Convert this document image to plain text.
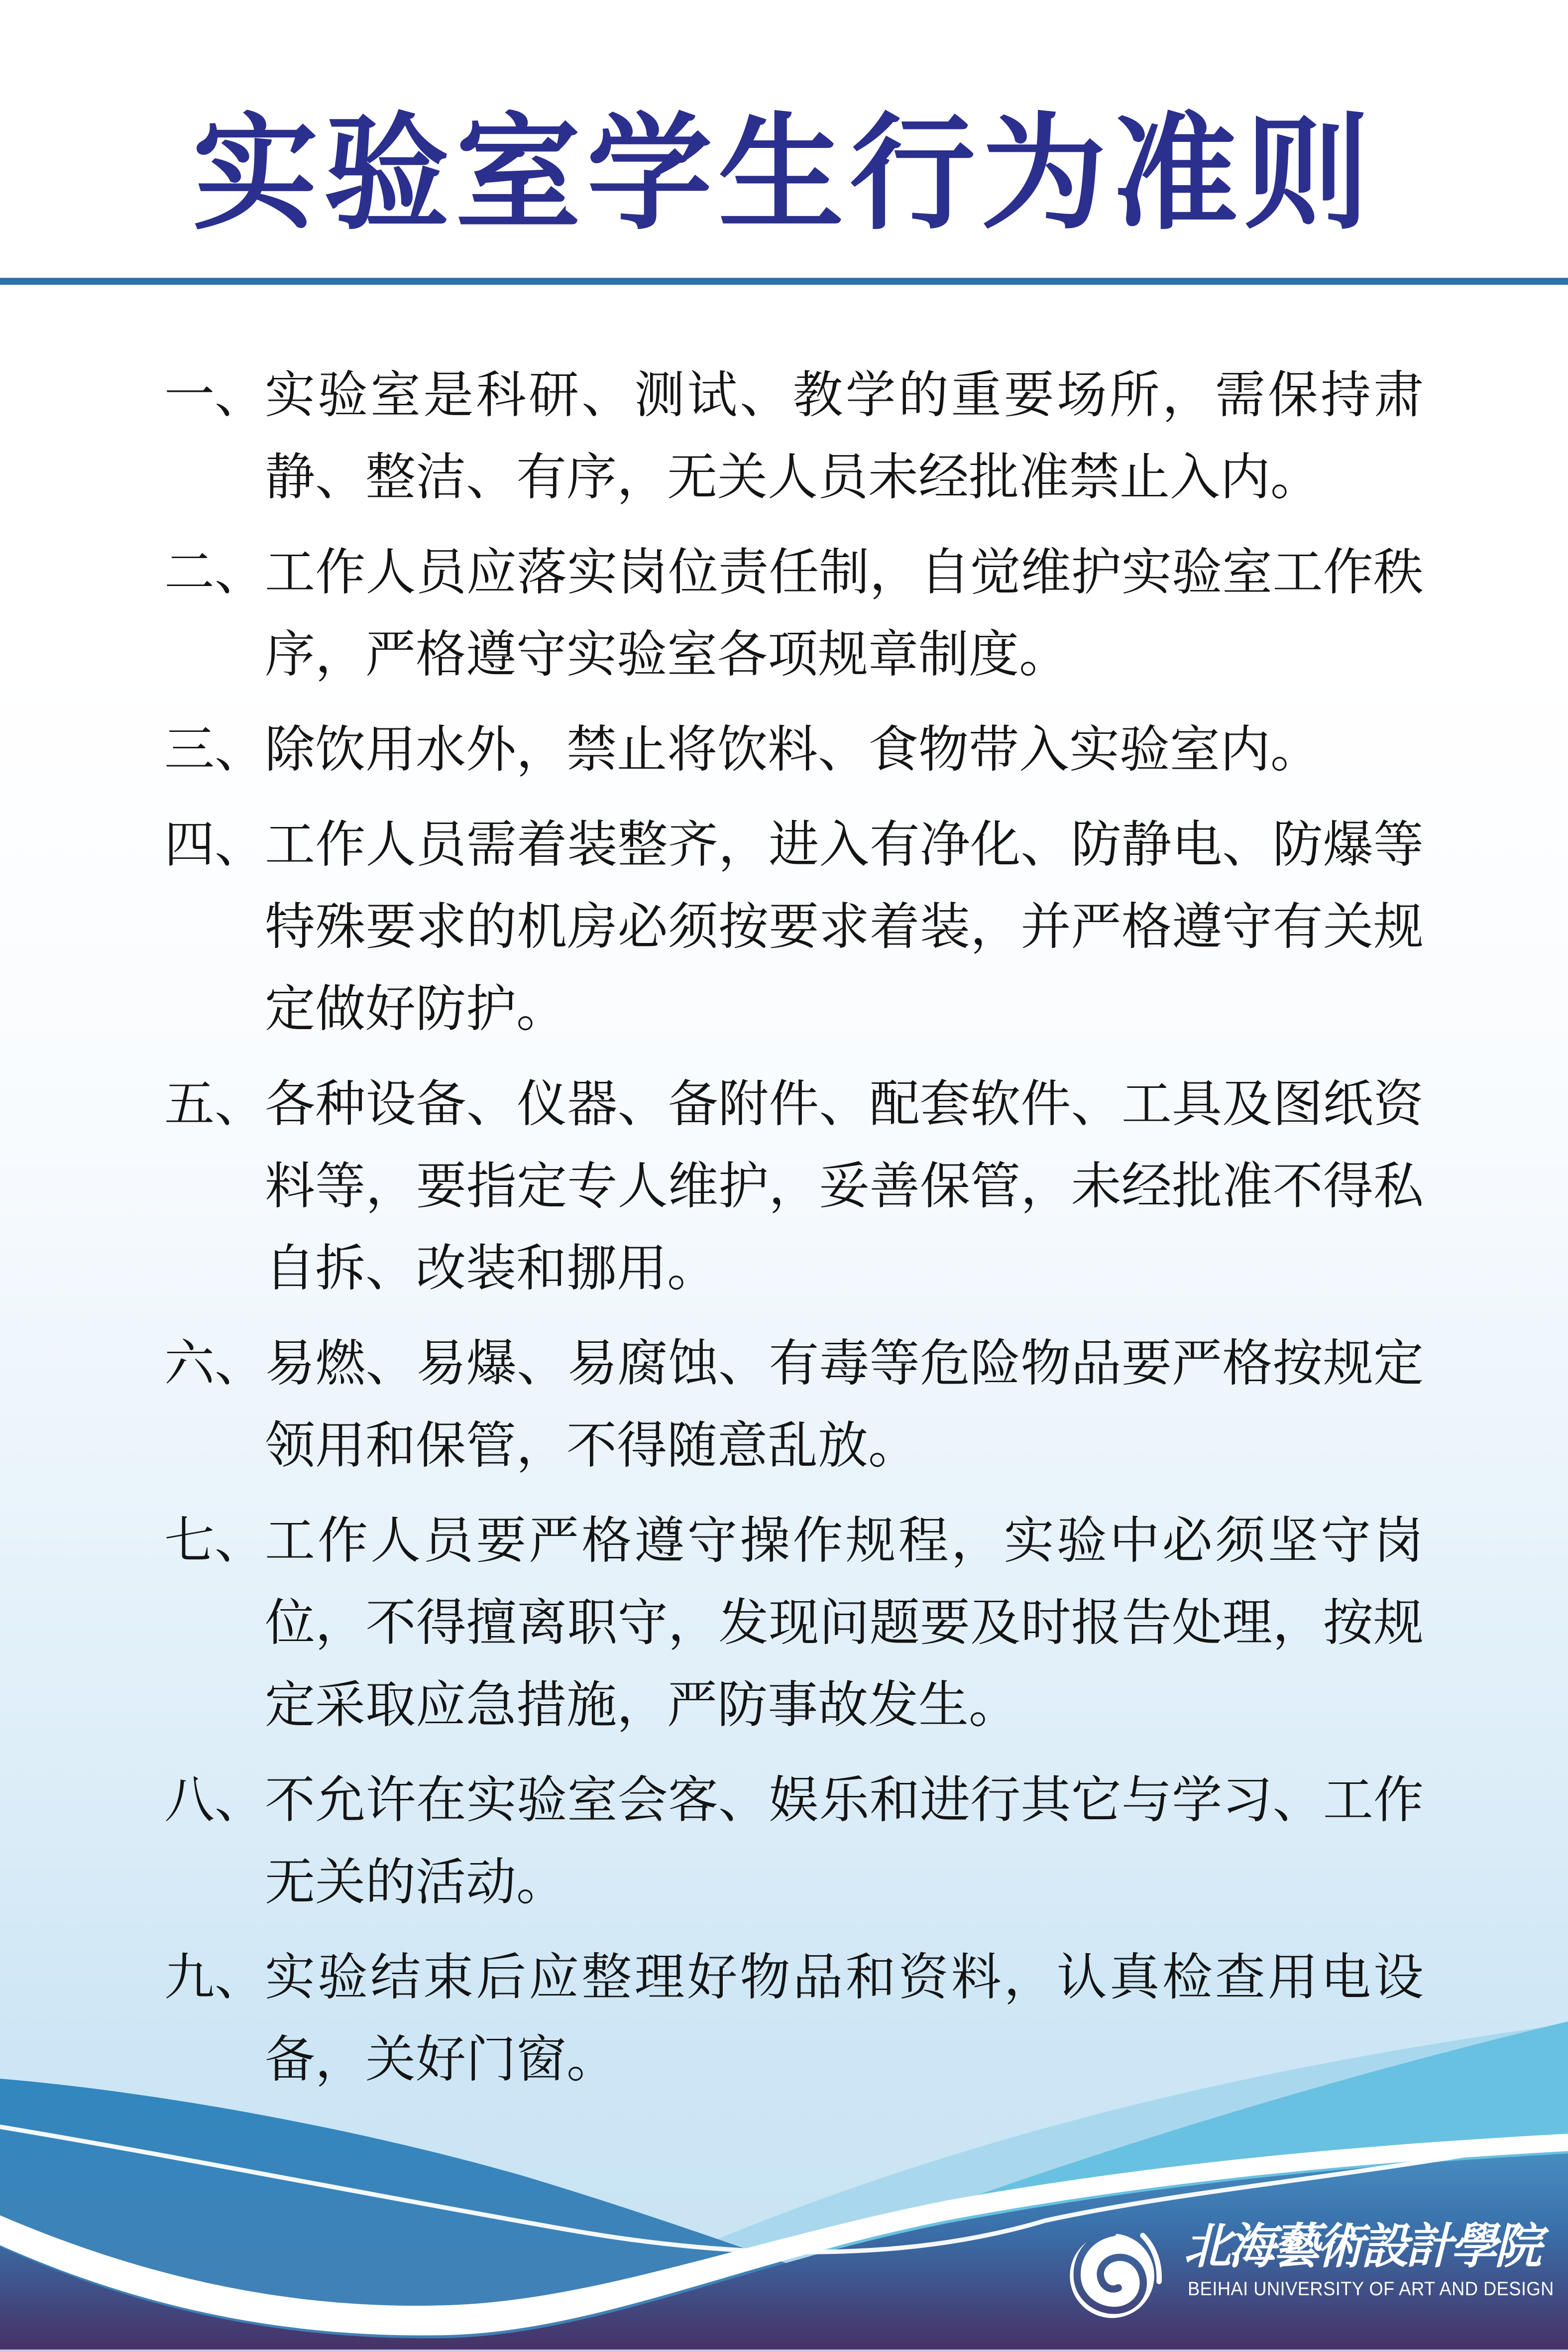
实验室学生行为准则
一、 实验室是科研、测试、教学的重要场所，需保持肃静、整洁、有序，无关人员未经批准禁止入内。
二、 工作人员应落实岗位责任制，自觉维护实验室工作秩序，严格遵守实验室各项规章制度。
三、 除饮用水外，禁止将饮料、食物带入实验室内。
四、 工作人员需着装整齐，进入有净化、防静电、防爆等特殊要求的机房必须按要求着装，并严格遵守有关规定做好防护。
五、 各种设备、仪器、备附件、配套软件、工具及图纸资料等，要指定专人维护，妥善保管，未经批准不得私自拆、改装和挪用。
六、 易燃、易爆、易腐蚀、有毒等危险物品要严格按规定领用和保管，不得随意乱放。
七、 工作人员要严格遵守操作规程，实验中必须坚守岗位，不得擅离职守，发现问题要及时报告处理，按规定采取应急措施，严防事故发生。
八、 不允许在实验室会客、娱乐和进行其它与学习、工作无关的活动。
九、 实验结束后应整理好物品和资料，认真检查用电设备，关好门窗。
北海藝術設計學院
BEIHAI UNIVERSITY OF ART AND DESIGN
